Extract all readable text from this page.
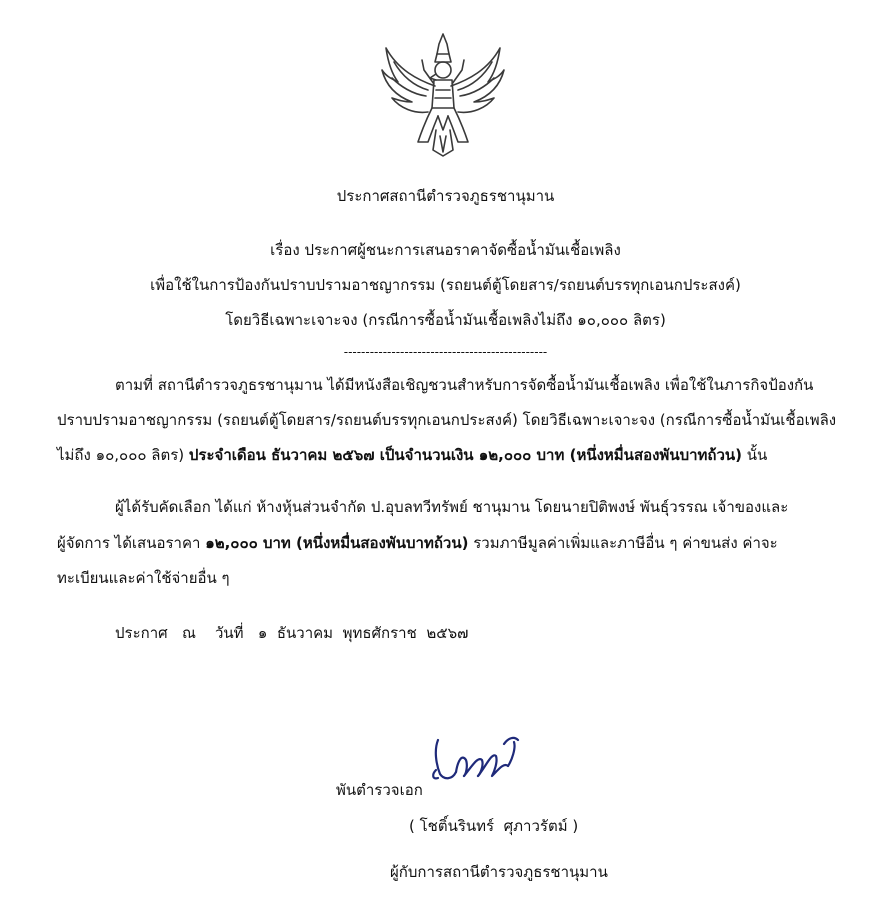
ประกาศสถานีตำรวจภูธรชานุมาน
เรื่อง ประกาศผู้ชนะการเสนอราคาจัดซื้อน้ำมันเชื้อเพลิง
เพื่อใช้ในการป้องกันปราบปรามอาชญากรรม (รถยนต์ตู้โดยสาร/รถยนต์บรรทุกเอนกประสงค์)
โดยวิธีเฉพาะเจาะจง (กรณีการซื้อน้ำมันเชื้อเพลิงไม่ถึง ๑๐,๐๐๐ ลิตร)
-----------------------------------------------
ตามที่ สถานีตำรวจภูธรชานุมาน ได้มีหนังสือเชิญชวนสำหรับการจัดซื้อน้ำมันเชื้อเพลิง เพื่อใช้ในภารกิจป้องกัน
ปราบปรามอาชญากรรม (รถยนต์ตู้โดยสาร/รถยนต์บรรทุกเอนกประสงค์) โดยวิธีเฉพาะเจาะจง (กรณีการซื้อน้ำมันเชื้อเพลิง
ไม่ถึง ๑๐,๐๐๐ ลิตร) ประจำเดือน ธันวาคม ๒๕๖๗ เป็นจำนวนเงิน ๑๒,๐๐๐ บาท (หนึ่งหมื่นสองพันบาทถ้วน) นั้น
ผู้ได้รับคัดเลือก ได้แก่ ห้างหุ้นส่วนจำกัด ป.อุบลทวีทรัพย์ ชานุมาน โดยนายปิติพงษ์ พันธุ์วรรณ เจ้าของและ
ผู้จัดการ ได้เสนอราคา ๑๒,๐๐๐ บาท (หนึ่งหมื่นสองพันบาทถ้วน) รวมภาษีมูลค่าเพิ่มและภาษีอื่น ๆ ค่าขนส่ง ค่าจะ
ทะเบียนและค่าใช้จ่ายอื่น ๆ
ประกาศ   ณ    วันที่   ๑  ธันวาคม  พุทธศักราช  ๒๕๖๗
พันตำรวจเอก
( โชติ์นรินทร์  ศุภาวรัตม์ )
ผู้กับการสถานีตำรวจภูธรชานุมาน
